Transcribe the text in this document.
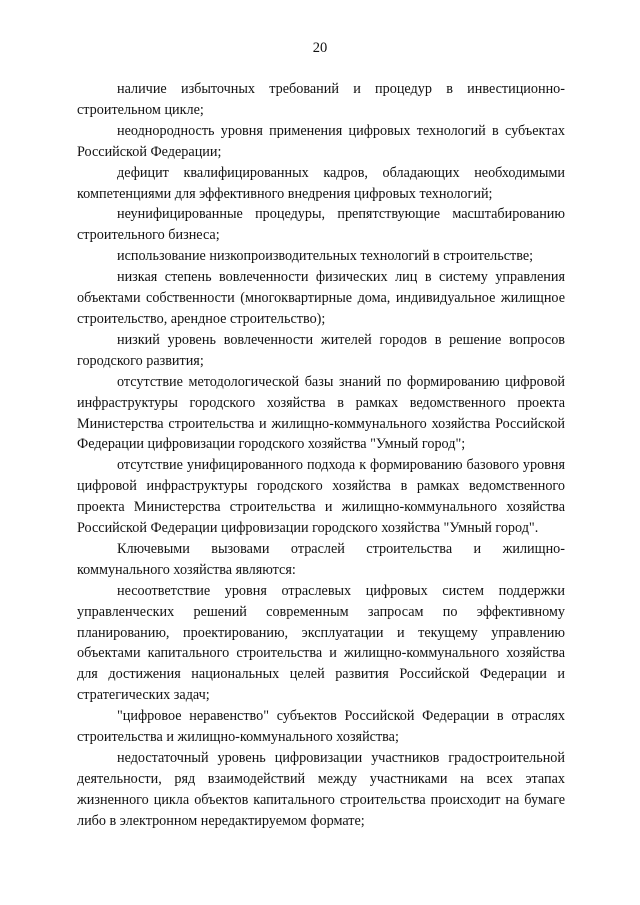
20

наличие избыточных требований и процедур в инвестиционно-строительном цикле;

неоднородность уровня применения цифровых технологий в субъектах Российской Федерации;

дефицит квалифицированных кадров, обладающих необходимыми компетенциями для эффективного внедрения цифровых технологий;

неунифицированные процедуры, препятствующие масштабированию строительного бизнеса;

использование низкопроизводительных технологий в строительстве;

низкая степень вовлеченности физических лиц в систему управления объектами собственности (многоквартирные дома, индивидуальное жилищное строительство, арендное строительство);

низкий уровень вовлеченности жителей городов в решение вопросов городского развития;

отсутствие методологической базы знаний по формированию цифровой инфраструктуры городского хозяйства в рамках ведомственного проекта Министерства строительства и жилищно-коммунального хозяйства Российской Федерации цифровизации городского хозяйства "Умный город";

отсутствие унифицированного подхода к формированию базового уровня цифровой инфраструктуры городского хозяйства в рамках ведомственного проекта Министерства строительства и жилищно-коммунального хозяйства Российской Федерации цифровизации городского хозяйства "Умный город".

Ключевыми вызовами отраслей строительства и жилищно-коммунального хозяйства являются:

несоответствие уровня отраслевых цифровых систем поддержки управленческих решений современным запросам по эффективному планированию, проектированию, эксплуатации и текущему управлению объектами капитального строительства и жилищно-коммунального хозяйства для достижения национальных целей развития Российской Федерации и стратегических задач;

"цифровое неравенство" субъектов Российской Федерации в отраслях строительства и жилищно-коммунального хозяйства;

недостаточный уровень цифровизации участников градостроительной деятельности, ряд взаимодействий между участниками на всех этапах жизненного цикла объектов капитального строительства происходит на бумаге либо в электронном нередактируемом формате;
